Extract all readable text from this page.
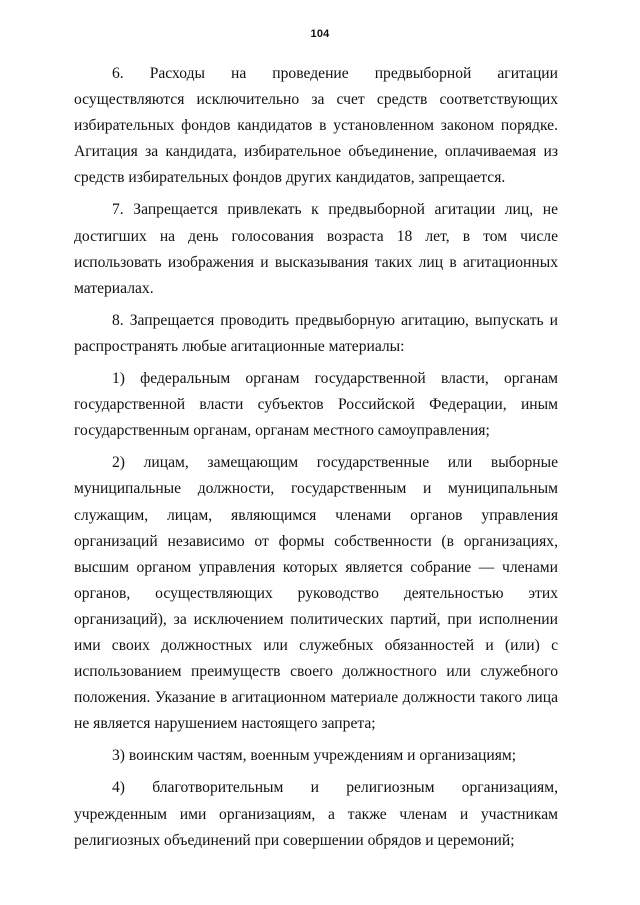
104

6. Расходы на проведение предвыборной агитации осуществляются исключительно за счет средств соответствующих избирательных фондов кандидатов в установленном законом порядке. Агитация за кандидата, избирательное объединение, оплачиваемая из средств избирательных фондов других кандидатов, запрещается.

7. Запрещается привлекать к предвыборной агитации лиц, не достигших на день голосования возраста 18 лет, в том числе использовать изображения и высказывания таких лиц в агитационных материалах.

8. Запрещается проводить предвыборную агитацию, выпускать и распространять любые агитационные материалы:

1) федеральным органам государственной власти, органам государственной власти субъектов Российской Федерации, иным государственным органам, органам местного самоуправления;

2) лицам, замещающим государственные или выборные муниципальные должности, государственным и муниципальным служащим, лицам, являющимся членами органов управления организаций независимо от формы собственности (в организациях, высшим органом управления которых является собрание — членами органов, осуществляющих руководство деятельностью этих организаций), за исключением политических партий, при исполнении ими своих должностных или служебных обязанностей и (или) с использованием преимуществ своего должностного или служебного положения. Указание в агитационном материале должности такого лица не является нарушением настоящего запрета;

3) воинским частям, военным учреждениям и организациям;

4) благотворительным и религиозным организациям, учрежденным ими организациям, а также членам и участникам религиозных объединений при совершении обрядов и церемоний;
